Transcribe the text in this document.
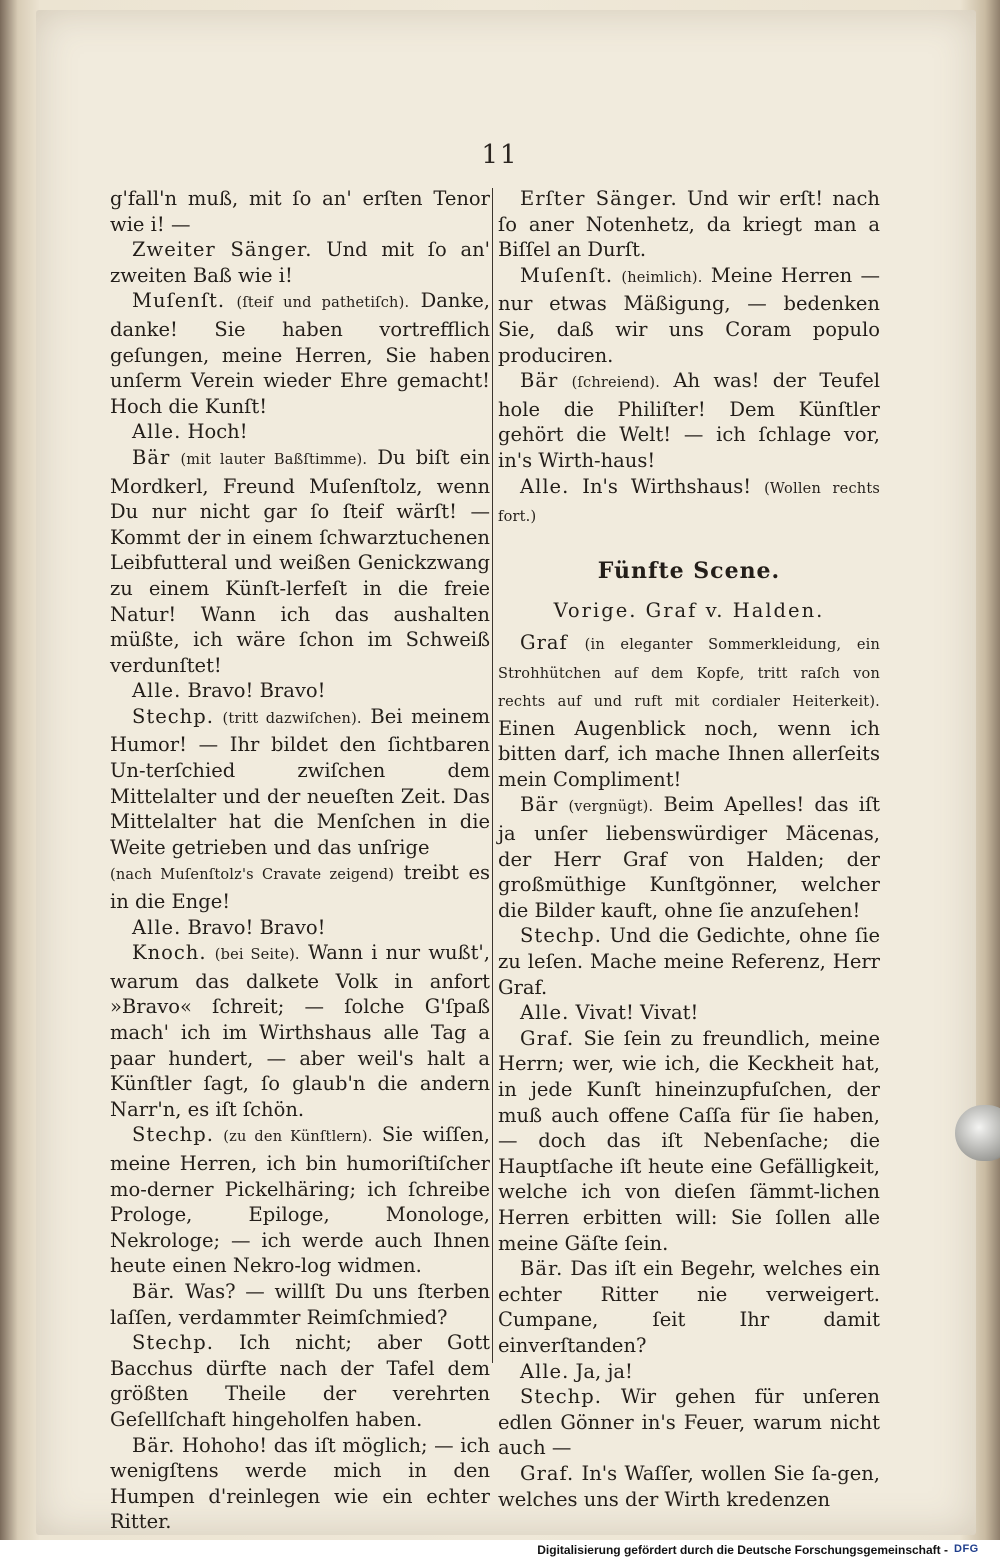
11

g'fall'n muß, mit ſo an' erſten Tenor wie i! —

Zweiter Sänger. Und mit ſo an' zweiten Baß wie i!

Muſenſt. (ſteif und pathetiſch). Danke, danke! Sie haben vortrefflich geſungen, meine Herren, Sie haben unſerm Verein wieder Ehre gemacht! Hoch die Kunſt!

Alle. Hoch!

Bär (mit lauter Baßſtimme). Du biſt ein Mordkerl, Freund Muſenſtolz, wenn Du nur nicht gar ſo ſteif wärſt! — Kommt der in einem ſchwarztuchenen Leibfutteral und weißen Genickzwang zu einem Künſt‑lerfeſt in die freie Natur! Wann ich das aushalten müßte, ich wäre ſchon im Schweiß verdunſtet!

Alle. Bravo! Bravo!

Stechp. (tritt dazwiſchen). Bei meinem Humor! — Ihr bildet den ſichtbaren Un‑terſchied zwiſchen dem Mittelalter und der neueſten Zeit. Das Mittelalter hat die Menſchen in die Weite getrieben und das unſrige

(nach Muſenſtolz's Cravate zeigend) treibt es in die Enge!

Alle. Bravo! Bravo!

Knoch. (bei Seite). Wann i nur wußt', warum das dalkete Volk in anfort »Bravo« ſchreit; — ſolche G'ſpaß mach' ich im Wirthshaus alle Tag a paar hundert, — aber weil's halt a Künſtler ſagt, ſo glaub'n die andern Narr'n, es iſt ſchön.

Stechp. (zu den Künſtlern). Sie wiſſen, meine Herren, ich bin humoriſtiſcher mo‑derner Pickelhäring; ich ſchreibe Prologe, Epiloge, Monologe, Nekrologe; — ich werde auch Ihnen heute einen Nekro‑log widmen.

Bär. Was? — willſt Du uns ſterben laſſen, verdammter Reimſchmied?

Stechp. Ich nicht; aber Gott Bacchus dürfte nach der Tafel dem größten Theile der verehrten Geſellſchaft hingeholfen haben.

Bär. Hohoho! das iſt möglich; — ich wenigſtens werde mich in den Humpen d'reinlegen wie ein echter Ritter.

Erſter Sänger. Und wir erſt! nach ſo aner Notenhetz, da kriegt man a Biſſel an Durſt.

Muſenſt. (heimlich). Meine Herren — nur etwas Mäßigung, — bedenken Sie, daß wir uns Coram populo produciren.

Bär (ſchreiend). Ah was! der Teufel hole die Philiſter! Dem Künſtler gehört die Welt! — ich ſchlage vor, in's Wirth‑haus!

Alle. In's Wirthshaus! (Wollen rechts fort.)

Fünfte Scene.

Vorige. Graf v. Halden.

Graf (in eleganter Sommerkleidung, ein Strohhütchen auf dem Kopfe, tritt raſch von rechts auf und ruft mit cordialer Heiterkeit). Einen Augenblick noch, wenn ich bitten darf, ich mache Ihnen allerſeits mein Compliment!

Bär (vergnügt). Beim Apelles! das iſt ja unſer liebenswürdiger Mäcenas, der Herr Graf von Halden; der großmüthige Kunſtgönner, welcher die Bilder kauft, ohne ſie anzuſehen!

Stechp. Und die Gedichte, ohne ſie zu leſen. Mache meine Referenz, Herr Graf.

Alle. Vivat! Vivat!

Graf. Sie ſein zu freundlich, meine Herrn; wer, wie ich, die Keckheit hat, in jede Kunſt hineinzupfuſchen, der muß auch offene Caſſa für ſie haben, — doch das iſt Nebenſache; die Hauptſache iſt heute eine Gefälligkeit, welche ich von dieſen ſämmt‑lichen Herren erbitten will: Sie ſollen alle meine Gäſte ſein.

Bär. Das iſt ein Begehr, welches ein echter Ritter nie verweigert. Cumpane, ſeit Ihr damit einverſtanden?

Alle. Ja, ja!

Stechp. Wir gehen für unſeren edlen Gönner in's Feuer, warum nicht auch —

Graf. In's Waſſer, wollen Sie ſa‑gen, welches uns der Wirth kredenzen

Digitalisierung gefördert durch die Deutsche Forschungsgemeinschaft - DFG
